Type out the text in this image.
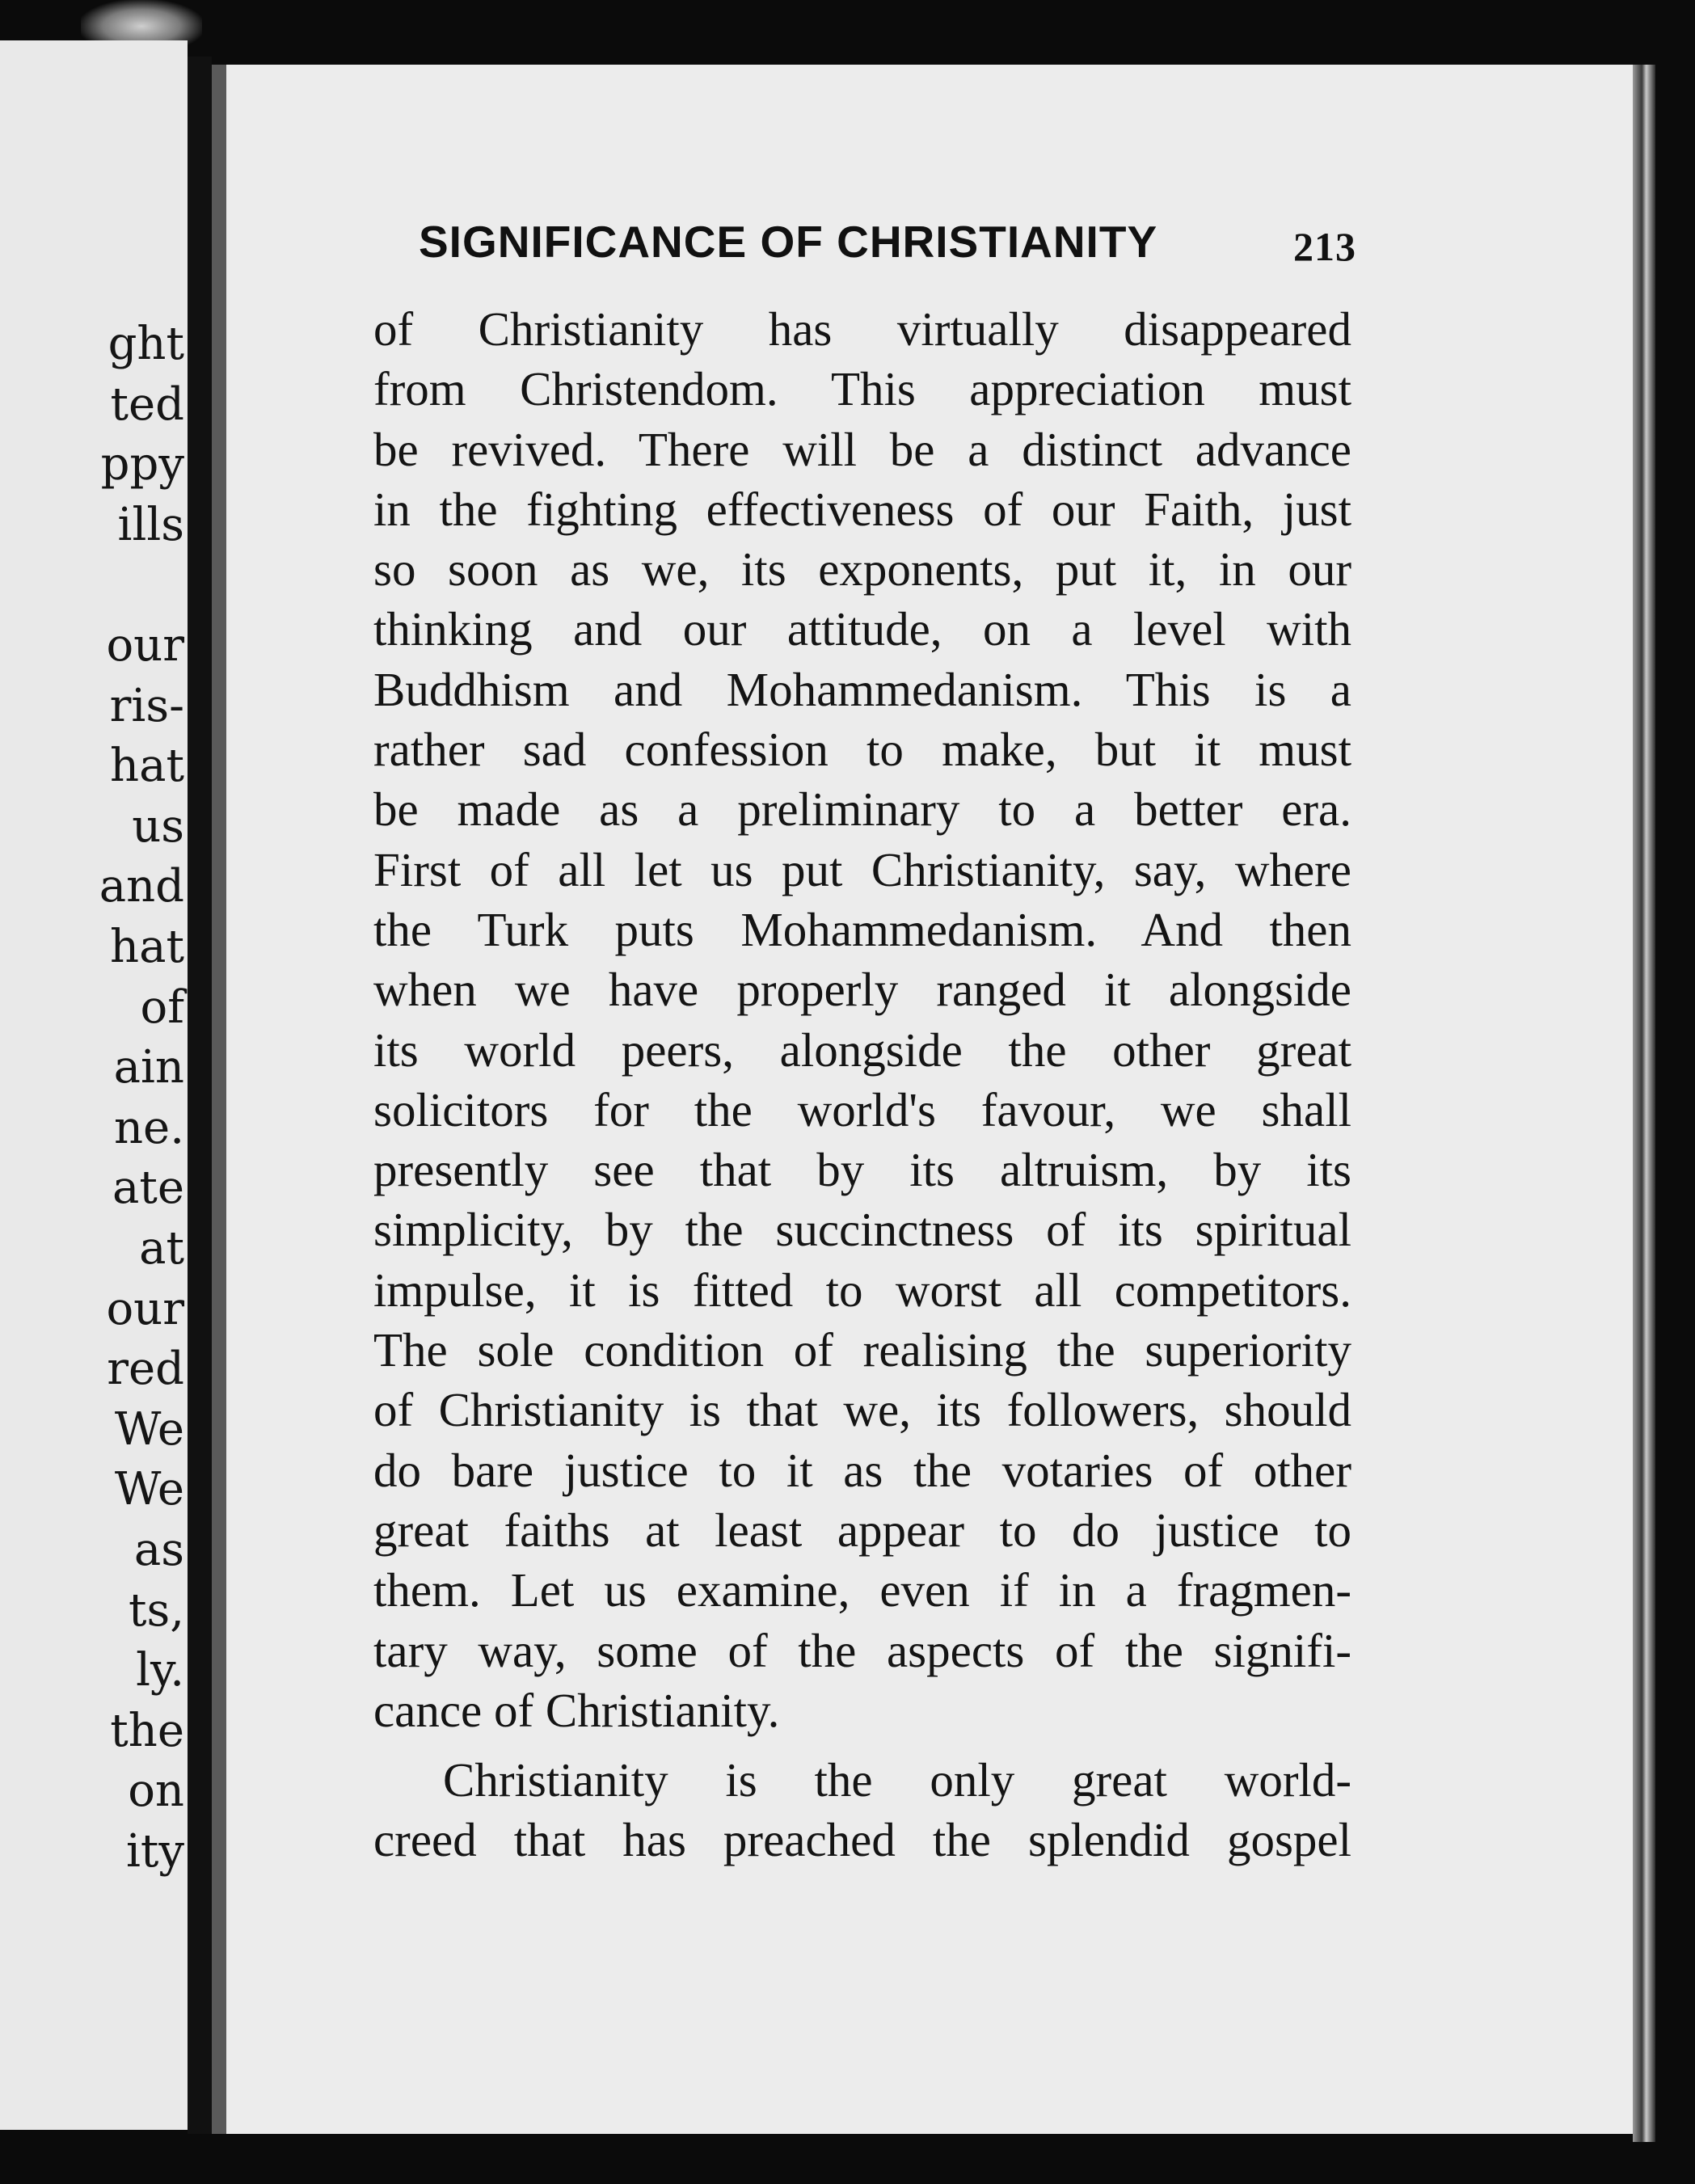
ght
ted
ppy
ills
our
ris-
hat
us
and
hat
of
ain
ne.
ate
at
our
red
We
We
as
ts,
ly.
the
on
ity
SIGNIFICANCE OF CHRISTIANITY	213
of Christianity has virtually disappeared
from Christendom. This appreciation must
be revived. There will be a distinct advance
in the fighting effectiveness of our Faith, just
so soon as we, its exponents, put it, in our
thinking and our attitude, on a level with
Buddhism and Mohammedanism. This is a
rather sad confession to make, but it must
be made as a preliminary to a better era.
First of all let us put Christianity, say, where
the Turk puts Mohammedanism. And then
when we have properly ranged it alongside
its world peers, alongside the other great
solicitors for the world's favour, we shall
presently see that by its altruism, by its
simplicity, by the succinctness of its spiritual
impulse, it is fitted to worst all competitors.
The sole condition of realising the superiority
of Christianity is that we, its followers, should
do bare justice to it as the votaries of other
great faiths at least appear to do justice to
them. Let us examine, even if in a fragmen-
tary way, some of the aspects of the signifi-
cance of Christianity.
Christianity is the only great world-
creed that has preached the splendid gospel
